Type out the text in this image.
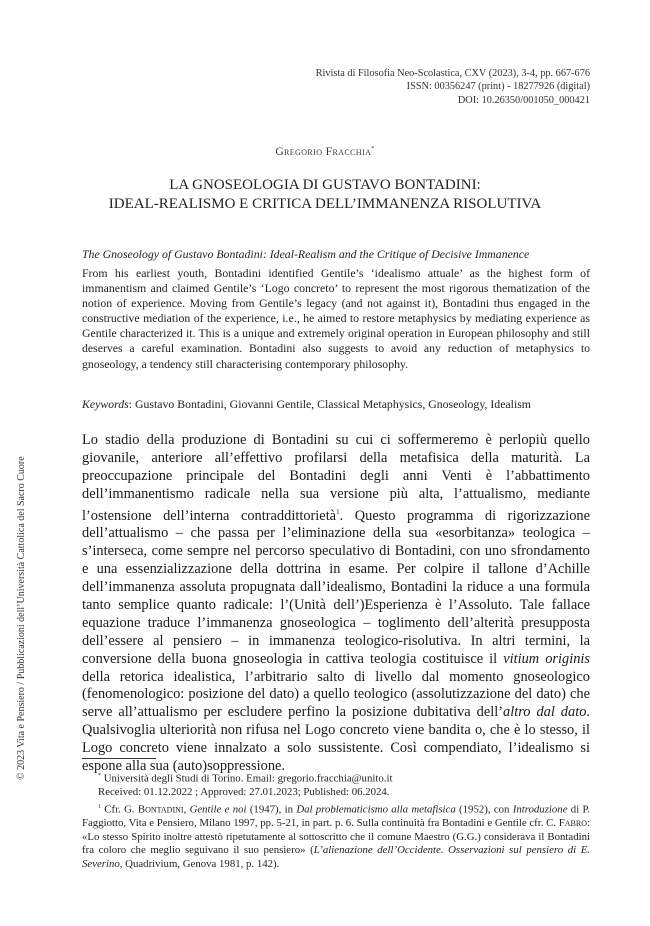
© 2023 Vita e Pensiero / Pubblicazioni dell’Università Cattolica del Sacro Cuore
Rivista di Filosofia Neo-Scolastica, CXV (2023), 3-4, pp. 667-676
ISSN: 00356247 (print) - 18277926 (digital)
DOI: 10.26350/001050_000421
Gregorio Fracchia*
LA GNOSEOLOGIA DI GUSTAVO BONTADINI:
IDEAL-REALISMO E CRITICA DELL’IMMANENZA RISOLUTIVA
The Gnoseology of Gustavo Bontadini: Ideal-Realism and the Critique of Decisive Immanence
From his earliest youth, Bontadini identified Gentile’s ‘idealismo attuale’ as the highest form of immanentism and claimed Gentile’s ‘Logo concreto’ to represent the most rigorous thematization of the notion of experience. Moving from Gentile’s legacy (and not against it), Bontadini thus engaged in the constructive mediation of the experience, i.e., he aimed to restore metaphysics by mediating experience as Gentile characterized it. This is a unique and extremely original operation in European philosophy and still deserves a careful examination. Bontadini also suggests to avoid any reduction of metaphysics to gnoseology, a tendency still characterising contemporary philosophy.
Keywords: Gustavo Bontadini, Giovanni Gentile, Classical Metaphysics, Gnoseology, Idealism
Lo stadio della produzione di Bontadini su cui ci soffermeremo è perlopiù quello giovanile, anteriore all’effettivo profilarsi della metafisica della maturità. La preoccupazione principale del Bontadini degli anni Venti è l’abbattimento dell’immanentismo radicale nella sua versione più alta, l’attualismo, mediante l’ostensione dell’interna contraddittorietà$^1$. Questo programma di rigorizzazione dell’attualismo – che passa per l’eliminazione della sua «esorbitanza» teologica – s’interseca, come sempre nel percorso speculativo di Bontadini, con uno sfrondamento e una essenzializzazione della dottrina in esame. Per colpire il tallone d’Achille dell’immanenza assoluta propugnata dall’idealismo, Bontadini la riduce a una formula tanto semplice quanto radicale: l’(Unità dell’)Esperienza è l’Assoluto. Tale fallace equazione traduce l’immanenza gnoseologica – toglimento dell’alterità presupposta dell’essere al pensiero – in immanenza teologico-risolutiva. In altri termini, la conversione della buona gnoseologia in cattiva teologia costituisce il vitium originis della retorica idealistica, l’arbitrario salto di livello dal momento gnoseologico (fenomenologico: posizione del dato) a quello teologico (assolutizzazione del dato) che serve all’attualismo per escludere perfino la posizione dubitativa dell’altro dal dato. Qualsivoglia ulteriorità non rifusa nel Logo concreto viene bandita o, che è lo stesso, il Logo concreto viene innalzato a solo sussistente. Così compendiato, l’idealismo si espone alla sua (auto)soppressione.
* Università degli Studi di Torino. Email: gregorio.fracchia@unito.it
Received: 01.12.2022 ; Approved: 27.01.2023; Published: 06.2024.
$^1$ Cfr. G. Bontadini, Gentile e noi (1947), in Dal problematicismo alla metafisica (1952), con Introduzione di P. Faggiotto, Vita e Pensiero, Milano 1997, pp. 5-21, in part. p. 6. Sulla continuità fra Bontadini e Gentile cfr. C. Fabro: «Lo stesso Spirito inoltre attestò ripetutamente al sottoscritto che il comune Maestro (G.G.) considerava il Bontadini fra coloro che meglio seguivano il suo pensiero» (L’alienazione dell’Occidente. Osservazioni sul pensiero di E. Severino, Quadrivium, Genova 1981, p. 142).
